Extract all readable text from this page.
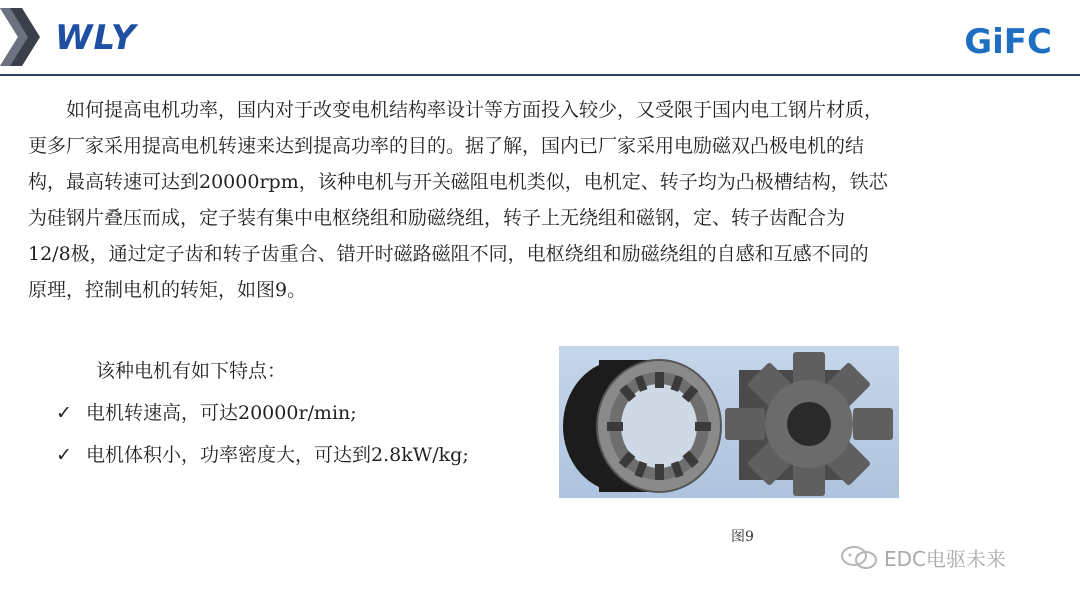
WLY	GiFC
如何提高电机功率，国内对于改变电机结构率设计等方面投入较少，又受限于国内电工钢片材质，
更多厂家采用提高电机转速来达到提高功率的目的。据了解，国内已厂家采用电励磁双凸极电机的结
构，最高转速可达到20000rpm，该种电机与开关磁阻电机类似，电机定、转子均为凸极槽结构，铁芯
为硅钢片叠压而成，定子装有集中电枢绕组和励磁绕组，转子上无绕组和磁钢，定、转子齿配合为
12/8极，通过定子齿和转子齿重合、错开时磁路磁阻不同，电枢绕组和励磁绕组的自感和互感不同的
原理，控制电机的转矩，如图9。
该种电机有如下特点：
✓ 电机转速高，可达20000r/min;
✓ 电机体积小，功率密度大，可达到2.8kW/kg;
图9
EDC电驱未来
